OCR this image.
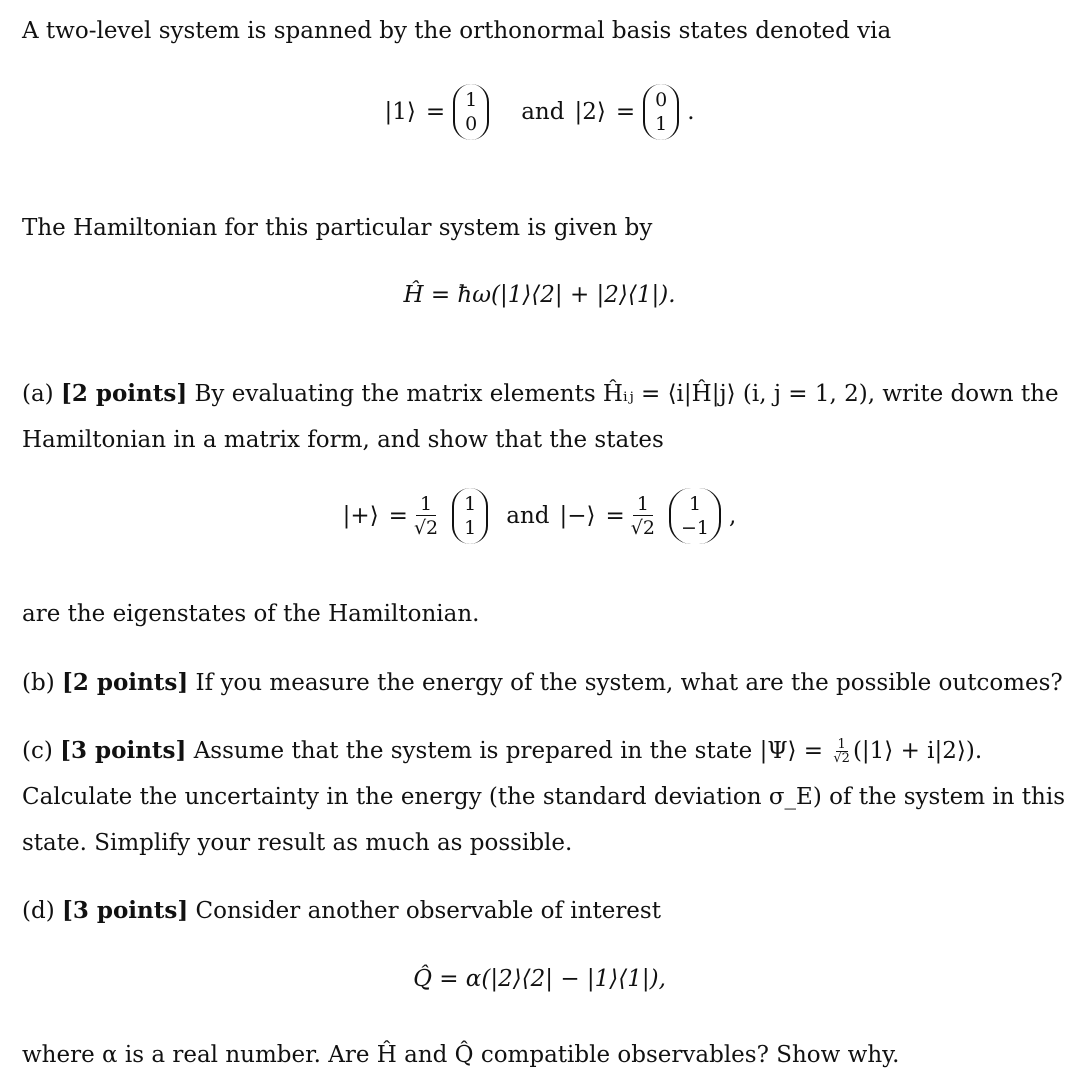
A two-level system is spanned by the orthonormal basis states denoted via
|1⟩ = 1
0 and |2⟩ = 0
1 .
The Hamiltonian for this particular system is given by
Ĥ = ħω(|1⟩⟨2| + |2⟩⟨1|).
(a) [2 points] By evaluating the matrix elements Ĥᵢⱼ = ⟨i|Ĥ|j⟩ (i, j = 1, 2), write down the
Hamiltonian in a matrix form, and show that the states
|+⟩ = $\frac{1}{√2} 1$
1 and |−⟩ = $\frac{1}{√2} 1$
−1 ,
are the eigenstates of the Hamiltonian.
(b) [2 points] If you measure the energy of the system, what are the possible outcomes?
(c) [3 points] Assume that the system is prepared in the state |Ψ⟩ = $\frac{1}{√2}$ (|1⟩ + i|2⟩).
Calculate the uncertainty in the energy (the standard deviation σ_E) of the system in this
state. Simplify your result as much as possible.
(d) [3 points] Consider another observable of interest
Q̂ = α(|2⟩⟨2| − |1⟩⟨1|),
where α is a real number. Are Ĥ and Q̂ compatible observables? Show why.
